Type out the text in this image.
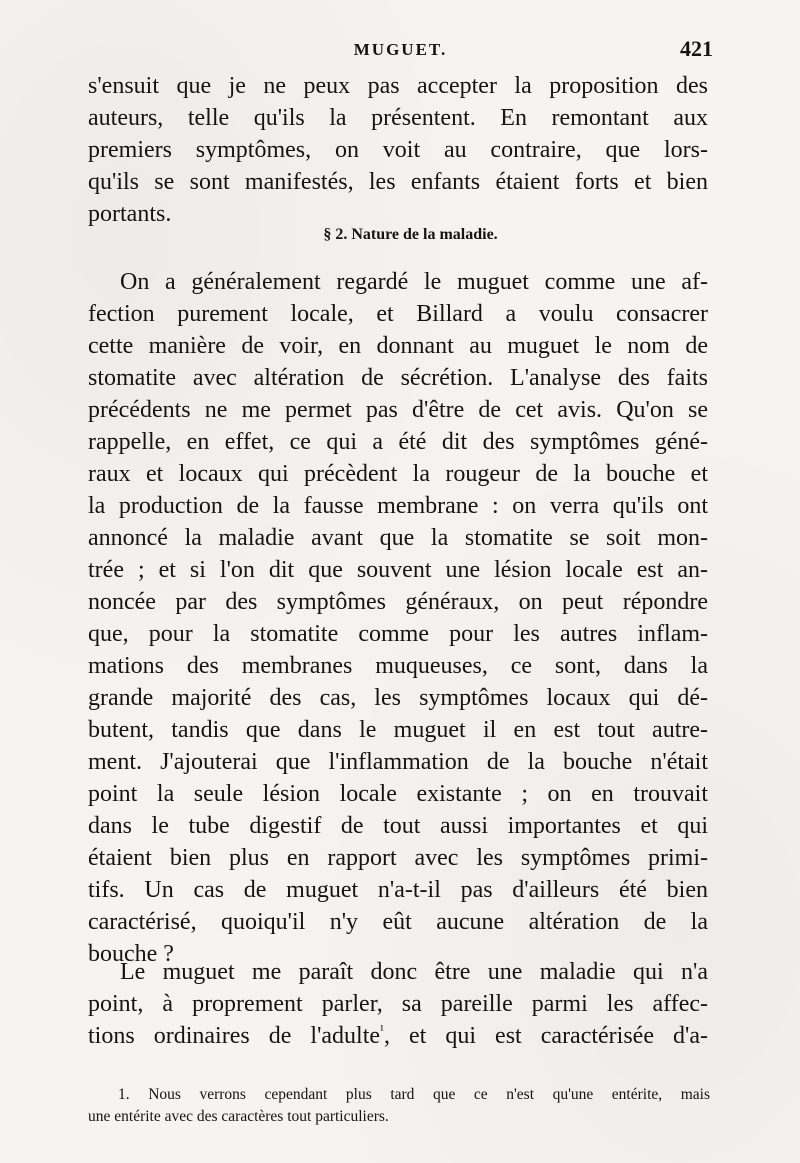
MUGUET.	421
s'ensuit que je ne peux pas accepter la proposition des
auteurs, telle qu'ils la présentent. En remontant aux
premiers symptômes, on voit au contraire, que lors-
qu'ils se sont manifestés, les enfants étaient forts et bien
portants.
§ 2. Nature de la maladie.
On a généralement regardé le muguet comme une af-
fection purement locale, et Billard a voulu consacrer
cette manière de voir, en donnant au muguet le nom de
stomatite avec altération de sécrétion. L'analyse des faits
précédents ne me permet pas d'être de cet avis. Qu'on se
rappelle, en effet, ce qui a été dit des symptômes géné-
raux et locaux qui précèdent la rougeur de la bouche et
la production de la fausse membrane : on verra qu'ils ont
annoncé la maladie avant que la stomatite se soit mon-
trée ; et si l'on dit que souvent une lésion locale est an-
noncée par des symptômes généraux, on peut répondre
que, pour la stomatite comme pour les autres inflam-
mations des membranes muqueuses, ce sont, dans la
grande majorité des cas, les symptômes locaux qui dé-
butent, tandis que dans le muguet il en est tout autre-
ment. J'ajouterai que l'inflammation de la bouche n'était
point la seule lésion locale existante ; on en trouvait
dans le tube digestif de tout aussi importantes et qui
étaient bien plus en rapport avec les symptômes primi-
tifs. Un cas de muguet n'a-t-il pas d'ailleurs été bien
caractérisé, quoiqu'il n'y eût aucune altération de la
bouche ?
Le muguet me paraît donc être une maladie qui n'a
point, à proprement parler, sa pareille parmi les affec-
tions ordinaires de l'adulte$^{^1}$, et qui est caractérisée d'a-
1. Nous verrons cependant plus tard que ce n'est qu'une entérite, mais
une entérite avec des caractères tout particuliers.
